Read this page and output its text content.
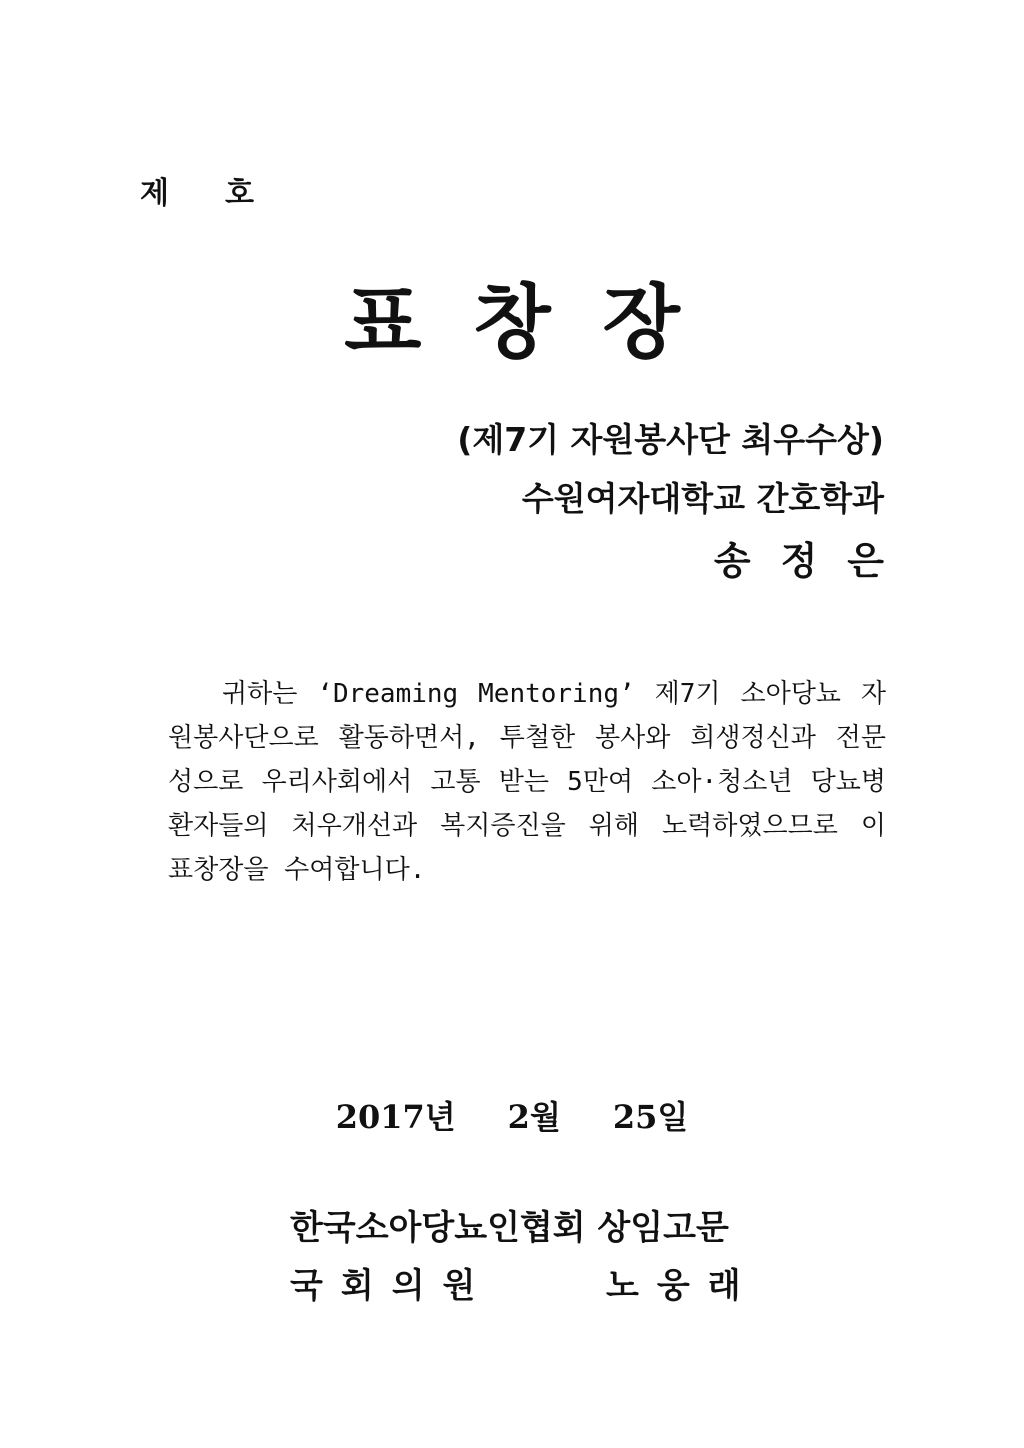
제 호
표창장
(제7기 자원봉사단 최우수상)
수원여자대학교 간호학과
송정은
귀하는 ‘Dreaming Mentoring’ 제7기 소아당뇨 자원봉사단으로 활동하면서, 투철한 봉사와 희생정신과 전문성으로 우리사회에서 고통 받는 5만여 소아·청소년 당뇨병환자들의 처우개선과 복지증진을 위해 노력하였으므로 이 표창장을 수여합니다.
2017년 2월 25일
한국소아당뇨인협회 상임고문
국회의원	노웅래
